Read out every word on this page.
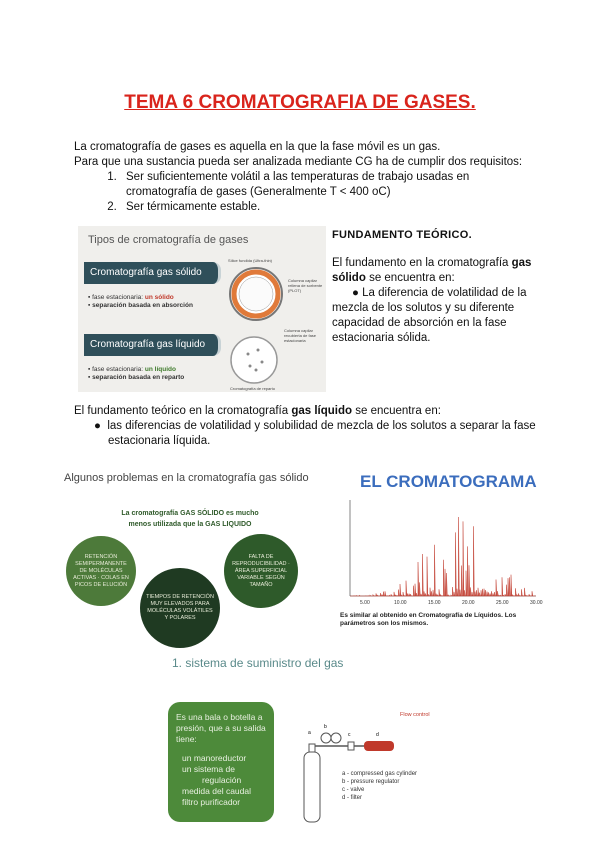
TEMA 6 CROMATOGRAFIA DE GASES.
La cromatografía de gases es aquella en la que la fase móvil es un gas.
Para que una sustancia pueda ser analizada mediante CG ha de cumplir dos requisitos:
1. Ser suficientemente volátil a las temperaturas de trabajo usadas en cromatografía de gases (Generalmente T < 400 oC)
2. Ser térmicamente estable.
Tipos de cromatografía de gases
Cromatografía gas sólido
▪ fase estacionaria: un sólido
▪ separación basada en absorción
Cromatografía gas líquido
▪ fase estacionaria: un líquido
▪ separación basada en reparto
Sílice fundida (Ultra-thin)
Columna capilar rellena de sorbente (PLOT)
Columna capilar recubierta de fase estacionaria
Cromatografía de reparto
FUNDAMENTO TEÓRICO.
El fundamento en la cromatografía gas sólido se encuentra en:
● La diferencia de volatilidad de la mezcla de los solutos y su diferente capacidad de absorción en la fase estacionaria sólida.
El fundamento teórico en la cromatografía gas líquido se encuentra en:
●  las diferencias de volatilidad y solubilidad de mezcla de los solutos a separar la fase estacionaria líquida.
Algunos problemas en la cromatografía gas sólido
La cromatografía GAS SÓLIDO es mucho
menos utilizada que la GAS LIQUIDO
RETENCIÓN SEMIPERMANENTE DE MOLÉCULAS ACTIVAS · COLAS EN PICOS DE ELUCIÓN
TIEMPOS DE RETENCIÓN MUY ELEVADOS PARA MOLÉCULAS VOLÁTILES Y POLARES
FALTA DE REPRODUCIBILIDAD · ÁREA SUPERFICIAL VARIABLE SEGÚN TAMAÑO
EL CROMATOGRAMA
5.00	10.00	15.00	20.00	25.00	30.00
Es similar al obtenido en Cromatografía de Líquidos. Los parámetros son los mismos.
1. sistema de suministro del gas
Es una bala o botella a presión, que a su salida tiene:
un manoreductor
un sistema de
regulación
medida del caudal
filtro purificador
Flow control
a
b
c	d
a - compressed gas cylinder
b - pressure regulator
c - valve
d - filter
